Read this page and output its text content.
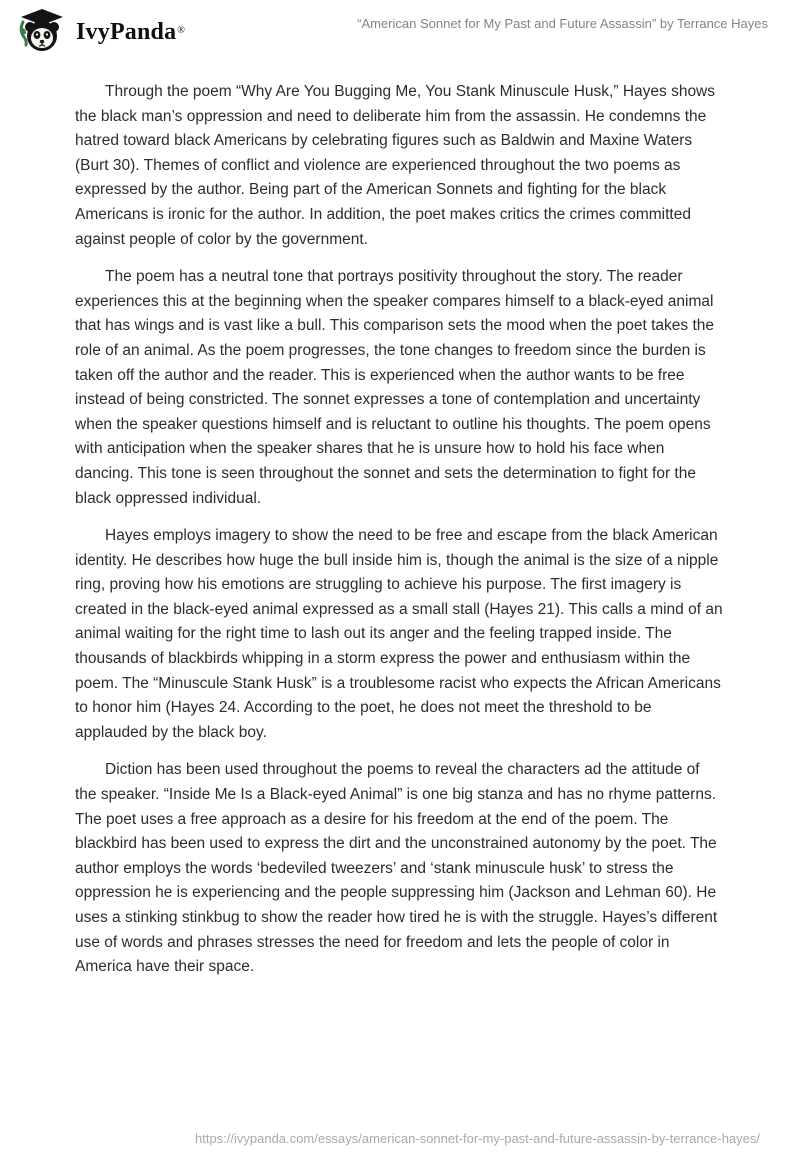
IvyPanda®	“American Sonnet for My Past and Future Assassin” by Terrance Hayes

Through the poem “Why Are You Bugging Me, You Stank Minuscule Husk,” Hayes shows the black man’s oppression and need to deliberate him from the assassin. He condemns the hatred toward black Americans by celebrating figures such as Baldwin and Maxine Waters (Burt 30). Themes of conflict and violence are experienced throughout the two poems as expressed by the author. Being part of the American Sonnets and fighting for the black Americans is ironic for the author. In addition, the poet makes critics the crimes committed against people of color by the government.

The poem has a neutral tone that portrays positivity throughout the story. The reader experiences this at the beginning when the speaker compares himself to a black-eyed animal that has wings and is vast like a bull. This comparison sets the mood when the poet takes the role of an animal. As the poem progresses, the tone changes to freedom since the burden is taken off the author and the reader. This is experienced when the author wants to be free instead of being constricted. The sonnet expresses a tone of contemplation and uncertainty when the speaker questions himself and is reluctant to outline his thoughts. The poem opens with anticipation when the speaker shares that he is unsure how to hold his face when dancing. This tone is seen throughout the sonnet and sets the determination to fight for the black oppressed individual.

Hayes employs imagery to show the need to be free and escape from the black American identity. He describes how huge the bull inside him is, though the animal is the size of a nipple ring, proving how his emotions are struggling to achieve his purpose. The first imagery is created in the black-eyed animal expressed as a small stall (Hayes 21). This calls a mind of an animal waiting for the right time to lash out its anger and the feeling trapped inside. The thousands of blackbirds whipping in a storm express the power and enthusiasm within the poem. The “Minuscule Stank Husk” is a troublesome racist who expects the African Americans to honor him (Hayes 24. According to the poet, he does not meet the threshold to be applauded by the black boy.

Diction has been used throughout the poems to reveal the characters ad the attitude of the speaker. “Inside Me Is a Black-eyed Animal” is one big stanza and has no rhyme patterns. The poet uses a free approach as a desire for his freedom at the end of the poem. The blackbird has been used to express the dirt and the unconstrained autonomy by the poet. The author employs the words ‘bedeviled tweezers’ and ‘stank minuscule husk’ to stress the oppression he is experiencing and the people suppressing him (Jackson and Lehman 60). He uses a stinking stinkbug to show the reader how tired he is with the struggle. Hayes’s different use of words and phrases stresses the need for freedom and lets the people of color in America have their space.

https://ivypanda.com/essays/american-sonnet-for-my-past-and-future-assassin-by-terrance-hayes/
